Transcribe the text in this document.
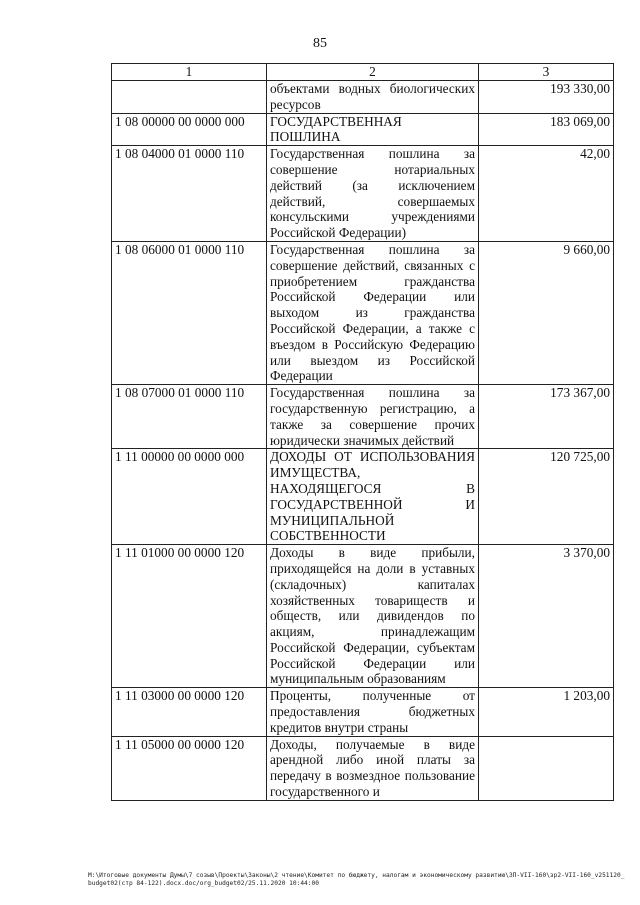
85
1	2	3
	объектами водных биологических ресурсов	193 330,00
1 08 00000 00 0000 000	ГОСУДАРСТВЕННАЯ ПОШЛИНА	183 069,00
1 08 04000 01 0000 110	Государственная пошлина за совершение нотариальных действий (за исключением действий, совершаемых консульскими учреждениями Российской Федерации)	42,00
1 08 06000 01 0000 110	Государственная пошлина за совершение действий, связанных с приобретением гражданства Российской Федерации или выходом из гражданства Российской Федерации, а также с въездом в Российскую Федерацию или выездом из Российской Федерации	9 660,00
1 08 07000 01 0000 110	Государственная пошлина за государственную регистрацию, а также за совершение прочих юридически значимых действий	173 367,00
1 11 00000 00 0000 000	ДОХОДЫ ОТ ИСПОЛЬЗОВАНИЯ ИМУЩЕСТВА, НАХОДЯЩЕГОСЯ В ГОСУДАРСТВЕННОЙ И МУНИЦИПАЛЬНОЙ СОБСТВЕННОСТИ	120 725,00
1 11 01000 00 0000 120	Доходы в виде прибыли, приходящейся на доли в уставных (складочных) капиталах хозяйственных товариществ и обществ, или дивидендов по акциям, принадлежащим Российской Федерации, субъектам Российской Федерации или муниципальным образованиям	3 370,00
1 11 03000 00 0000 120	Проценты, полученные от предоставления бюджетных кредитов внутри страны	1 203,00
1 11 05000 00 0000 120	Доходы, получаемые в виде арендной либо иной платы за передачу в возмездное пользование государственного и	
M:\Итоговые документы Думы\7 созыв\Проекты\Законы\2 чтение\Комитет по бюджету, налогам и экономическому развитию\ЗП-VII-160\зр2-VII-160_v251120_budget02(стр 84-122).docx.doc/org_budget02/25.11.2020 10:44:00
